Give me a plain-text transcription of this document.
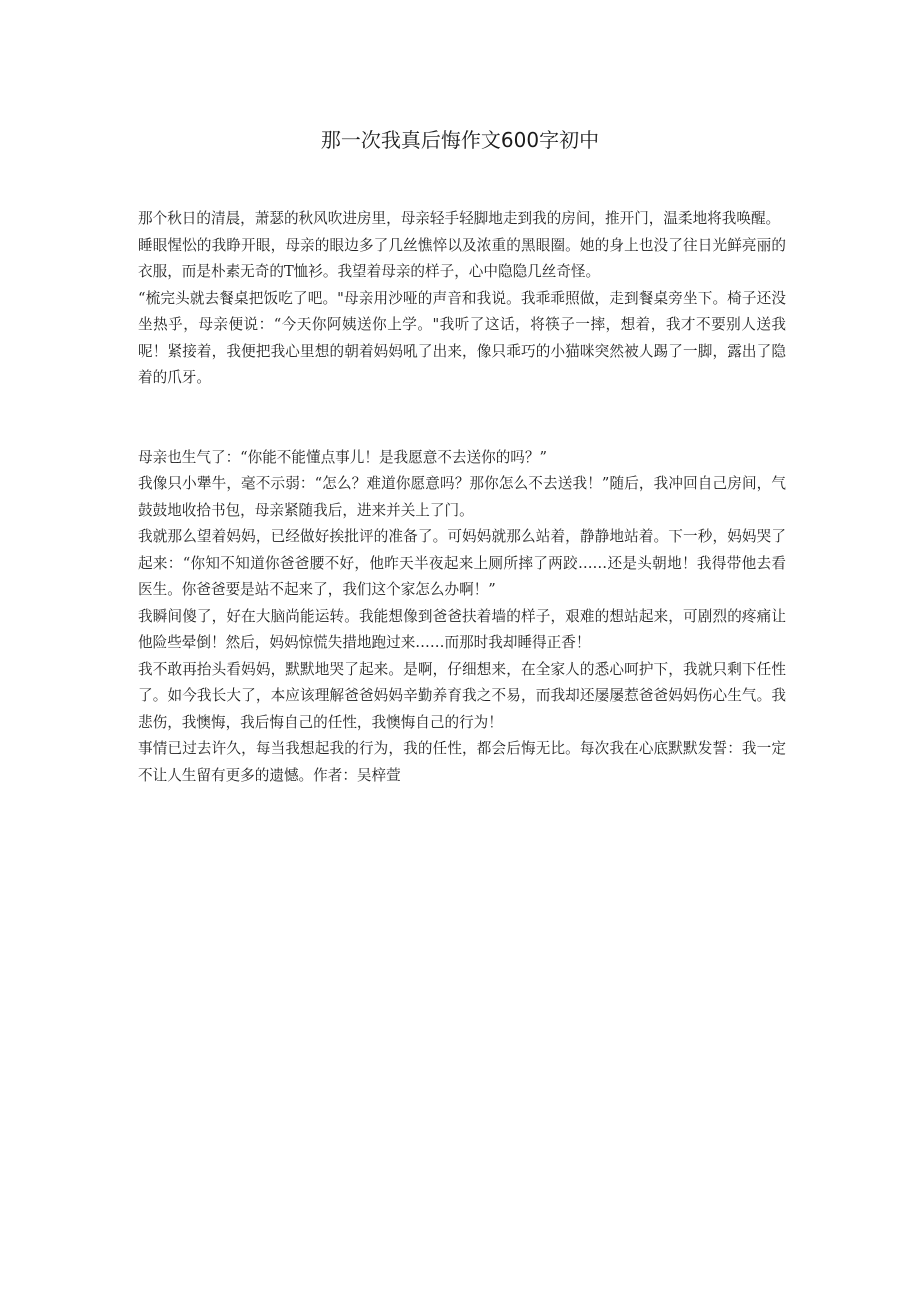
那一次我真后悔作文600字初中

那个秋日的清晨，萧瑟的秋风吹进房里，母亲轻手轻脚地走到我的房间，推开门，温柔地将我唤醒。

睡眼惺忪的我睁开眼，母亲的眼边多了几丝憔悴以及浓重的黑眼圈。她的身上也没了往日光鲜亮丽的衣服，而是朴素无奇的T恤衫。我望着母亲的样子，心中隐隐几丝奇怪。

“梳完头就去餐桌把饭吃了吧。"母亲用沙哑的声音和我说。我乖乖照做，走到餐桌旁坐下。椅子还没坐热乎，母亲便说：“今天你阿姨送你上学。"我听了这话，将筷子一摔，想着，我才不要别人送我呢！紧接着，我便把我心里想的朝着妈妈吼了出来，像只乖巧的小猫咪突然被人踢了一脚，露出了隐着的爪牙。

母亲也生气了：“你能不能懂点事儿！是我愿意不去送你的吗？”

我像只小犟牛，毫不示弱：“怎么？难道你愿意吗？那你怎么不去送我！”随后，我冲回自己房间，气鼓鼓地收拾书包，母亲紧随我后，进来并关上了门。

我就那么望着妈妈，已经做好挨批评的准备了。可妈妈就那么站着，静静地站着。下一秒，妈妈哭了起来：“你知不知道你爸爸腰不好，他昨天半夜起来上厕所摔了两跤……还是头朝地！我得带他去看医生。你爸爸要是站不起来了，我们这个家怎么办啊！”

我瞬间傻了，好在大脑尚能运转。我能想像到爸爸扶着墙的样子，艰难的想站起来，可剧烈的疼痛让他险些晕倒！然后，妈妈惊慌失措地跑过来……而那时我却睡得正香！

我不敢再抬头看妈妈，默默地哭了起来。是啊，仔细想来，在全家人的悉心呵护下，我就只剩下任性了。如今我长大了，本应该理解爸爸妈妈辛勤养育我之不易，而我却还屡屡惹爸爸妈妈伤心生气。我悲伤，我懊悔，我后悔自己的任性，我懊悔自己的行为！

事情已过去许久，每当我想起我的行为，我的任性，都会后悔无比。每次我在心底默默发誓：我一定不让人生留有更多的遗憾。作者：吴梓萱
